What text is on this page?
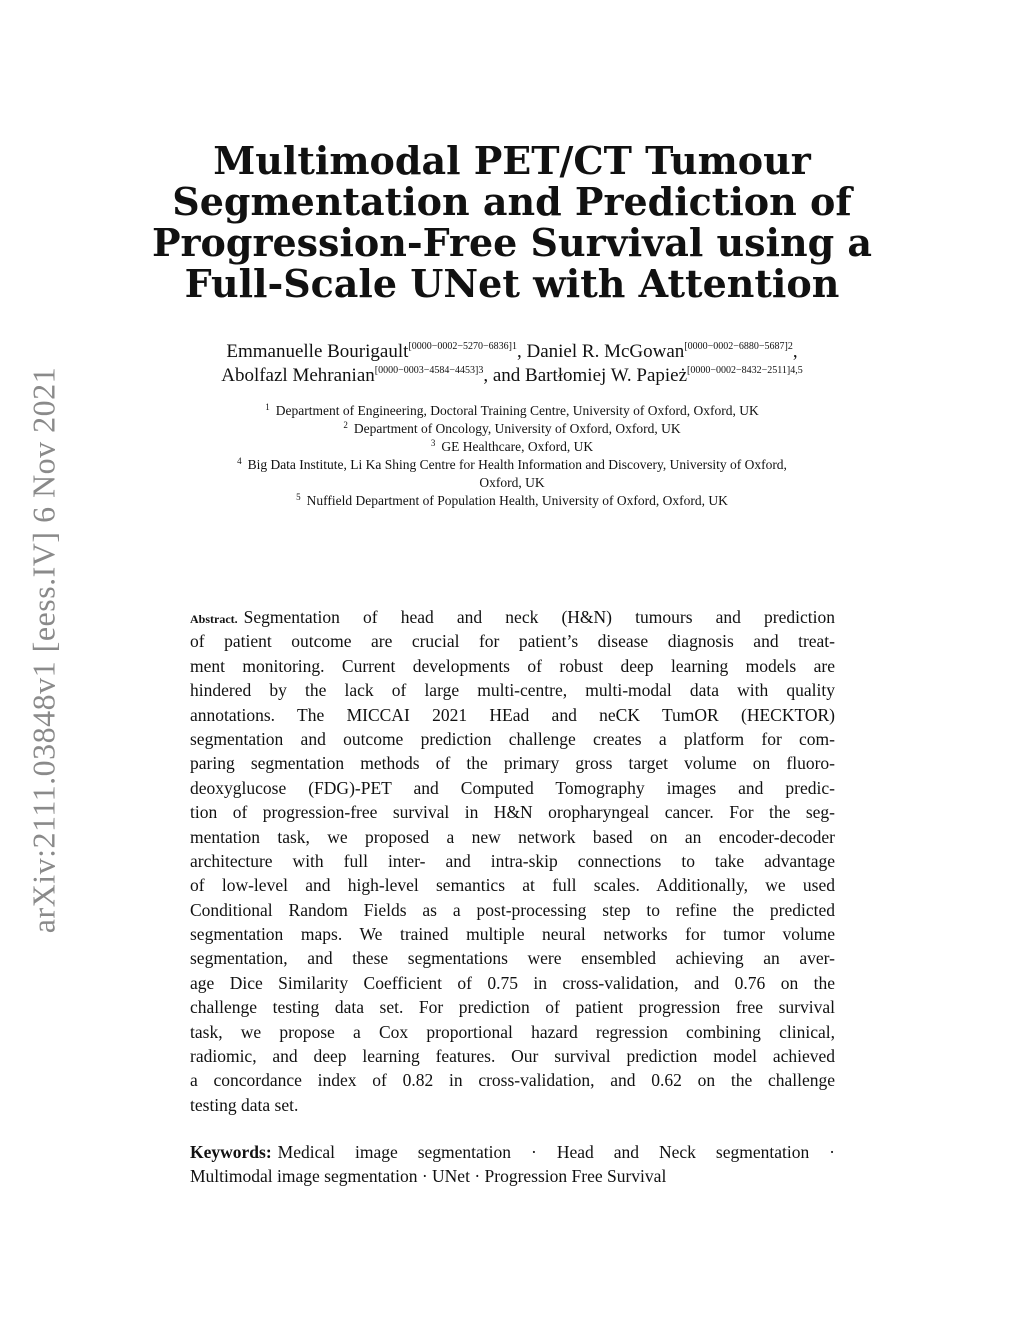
arXiv:2111.03848v1 [eess.IV] 6 Nov 2021
Multimodal PET/CT Tumour
Segmentation and Prediction of
Progression-Free Survival using a
Full-Scale UNet with Attention
Emmanuelle Bourigault$^{[0000-0002-5270-6836]1}$, Daniel R. McGowan$^{[0000-0002-6880-5687]2}$,
Abolfazl Mehranian$^{[0000-0003-4584-4453]3}$, and Bartłomiej W. Papież$^{[0000-0002-8432-2511]4,5}$
$^1$ Department of Engineering, Doctoral Training Centre, University of Oxford, Oxford, UK
$^2$ Department of Oncology, University of Oxford, Oxford, UK
$^3$ GE Healthcare, Oxford, UK
$^4$ Big Data Institute, Li Ka Shing Centre for Health Information and Discovery, University of Oxford,
Oxford, UK
$^5$ Nuffield Department of Population Health, University of Oxford, Oxford, UK
Abstract. Segmentation of head and neck (H&N) tumours and prediction
of patient outcome are crucial for patient’s disease diagnosis and treat-
ment monitoring. Current developments of robust deep learning models are
hindered by the lack of large multi-centre, multi-modal data with quality
annotations. The MICCAI 2021 HEad and neCK TumOR (HECKTOR)
segmentation and outcome prediction challenge creates a platform for com-
paring segmentation methods of the primary gross target volume on fluoro-
deoxyglucose (FDG)-PET and Computed Tomography images and predic-
tion of progression-free survival in H&N oropharyngeal cancer. For the seg-
mentation task, we proposed a new network based on an encoder-decoder
architecture with full inter- and intra-skip connections to take advantage
of low-level and high-level semantics at full scales. Additionally, we used
Conditional Random Fields as a post-processing step to refine the predicted
segmentation maps. We trained multiple neural networks for tumor volume
segmentation, and these segmentations were ensembled achieving an aver-
age Dice Similarity Coefficient of 0.75 in cross-validation, and 0.76 on the
challenge testing data set. For prediction of patient progression free survival
task, we propose a Cox proportional hazard regression combining clinical,
radiomic, and deep learning features. Our survival prediction model achieved
a concordance index of 0.82 in cross-validation, and 0.62 on the challenge
testing data set.
Keywords: Medical image segmentation · Head and Neck segmentation ·
Multimodal image segmentation · UNet · Progression Free Survival
